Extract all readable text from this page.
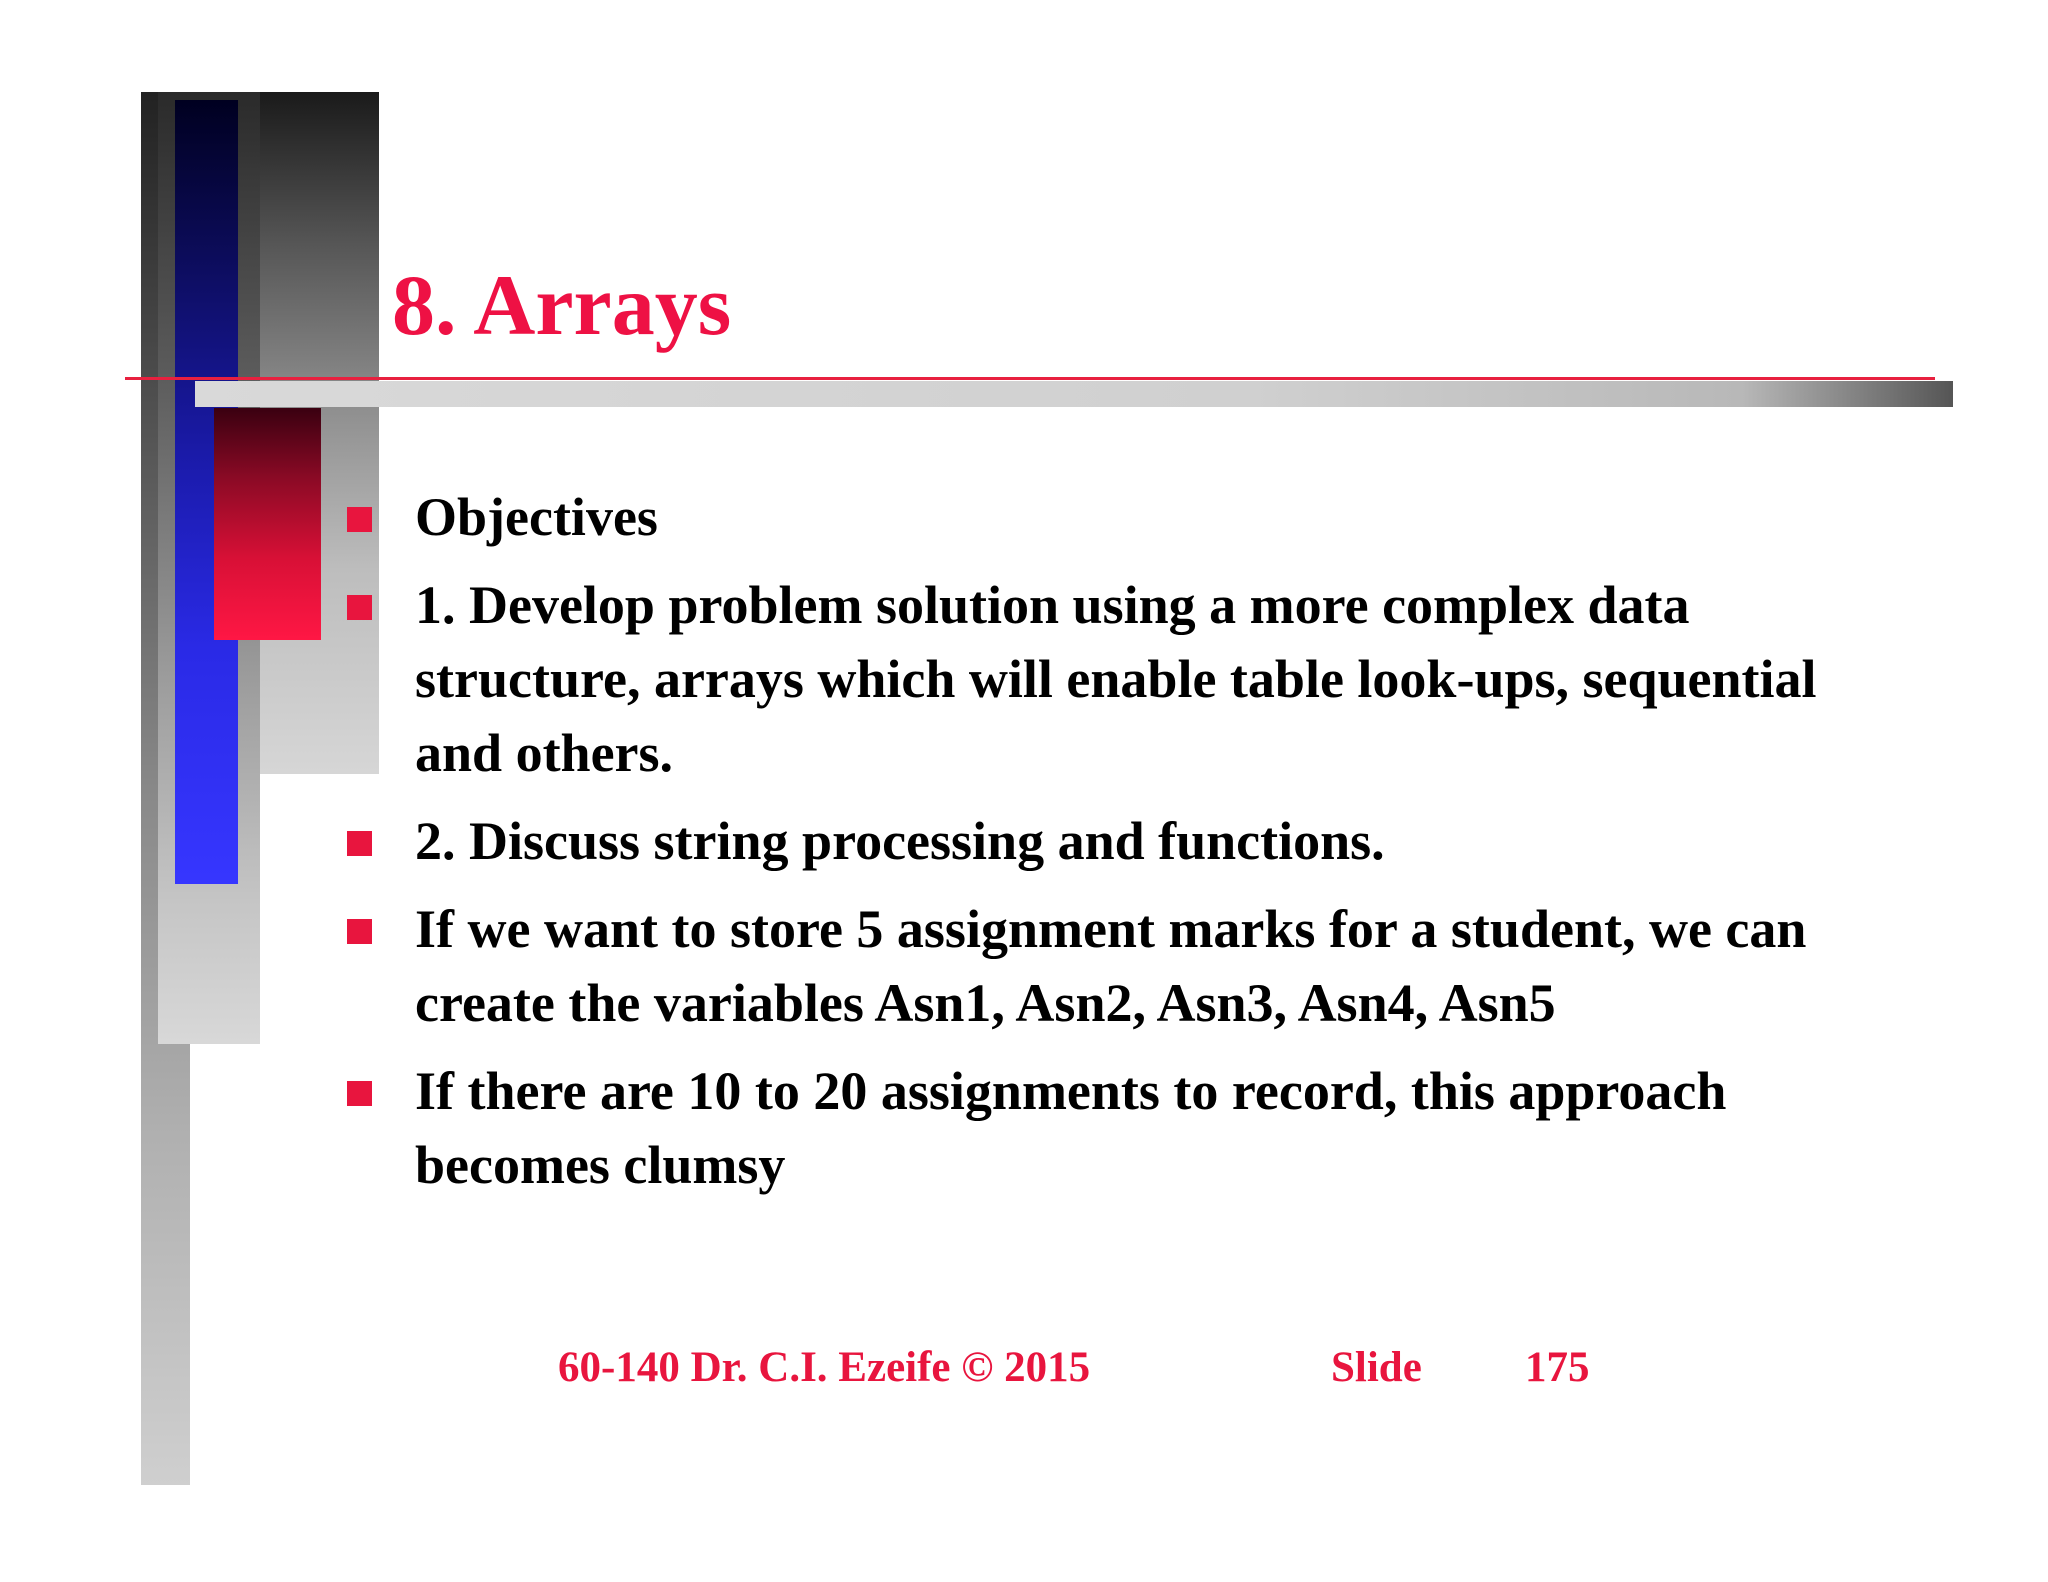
8. Arrays
Objectives
1. Develop problem solution using a more complex data structure, arrays which will enable table look-ups, sequential and others.
2. Discuss string processing and functions.
If we want to store 5 assignment marks for a student, we can create the variables Asn1, Asn2, Asn3, Asn4, Asn5
If there are 10 to 20 assignments to record, this approach becomes clumsy
60-140 Dr. C.I. Ezeife © 2015	Slide 175
